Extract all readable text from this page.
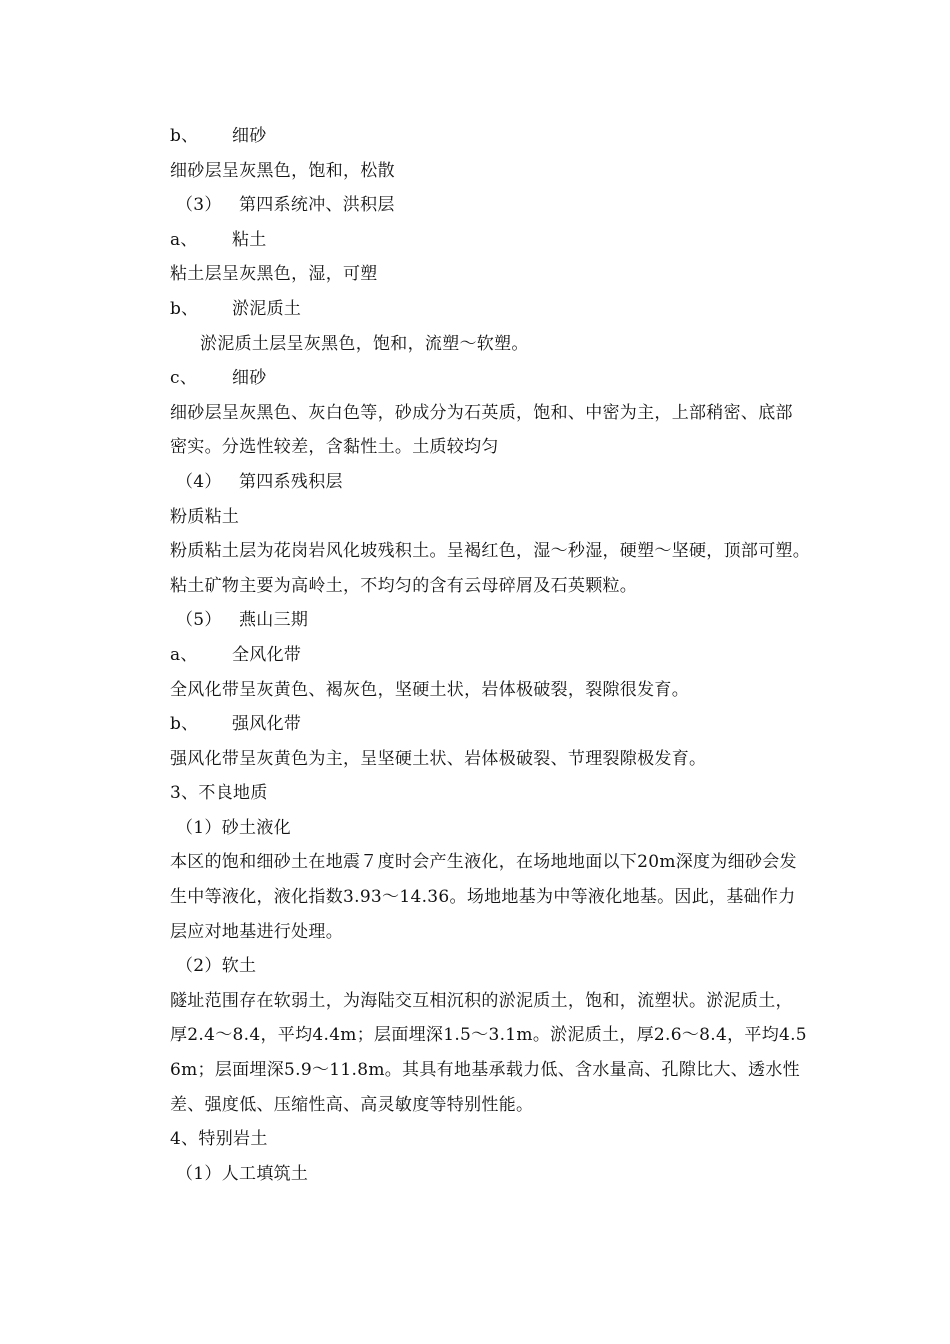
b、 细砂
细砂层呈灰黑色，饱和，松散
（3） 第四系统冲、洪积层
a、 粘土
粘土层呈灰黑色，湿，可塑
b、 淤泥质土
淤泥质土层呈灰黑色，饱和，流塑～软塑。
c、 细砂
细砂层呈灰黑色、灰白色等，砂成分为石英质，饱和、中密为主，上部稍密、底部
密实。分选性较差，含黏性土。土质较均匀
（4） 第四系残积层
粉质粘土
粉质粘土层为花岗岩风化坡残积土。呈褐红色，湿～秒湿，硬塑～坚硬，顶部可塑。
粘土矿物主要为高岭土，不均匀的含有云母碎屑及石英颗粒。
（5） 燕山三期
a、 全风化带
全风化带呈灰黄色、褐灰色，坚硬土状，岩体极破裂，裂隙很发育。
b、 强风化带
强风化带呈灰黄色为主，呈坚硬土状、岩体极破裂、节理裂隙极发育。
3、不良地质
（1）砂土液化
本区的饱和细砂土在地震７度时会产生液化，在场地地面以下20m深度为细砂会发
生中等液化，液化指数3.93～14.36。场地地基为中等液化地基。因此，基础作力
层应对地基进行处理。
（2）软土
隧址范围存在软弱土，为海陆交互相沉积的淤泥质土，饱和，流塑状。淤泥质土，
厚2.4～8.4，平均4.4m；层面埋深1.5～3.1m。淤泥质土，厚2.6～8.4，平均4.5
6m；层面埋深5.9～11.8m。其具有地基承载力低、含水量高、孔隙比大、透水性
差、强度低、压缩性高、高灵敏度等特别性能。
4、特别岩土
（1）人工填筑土
